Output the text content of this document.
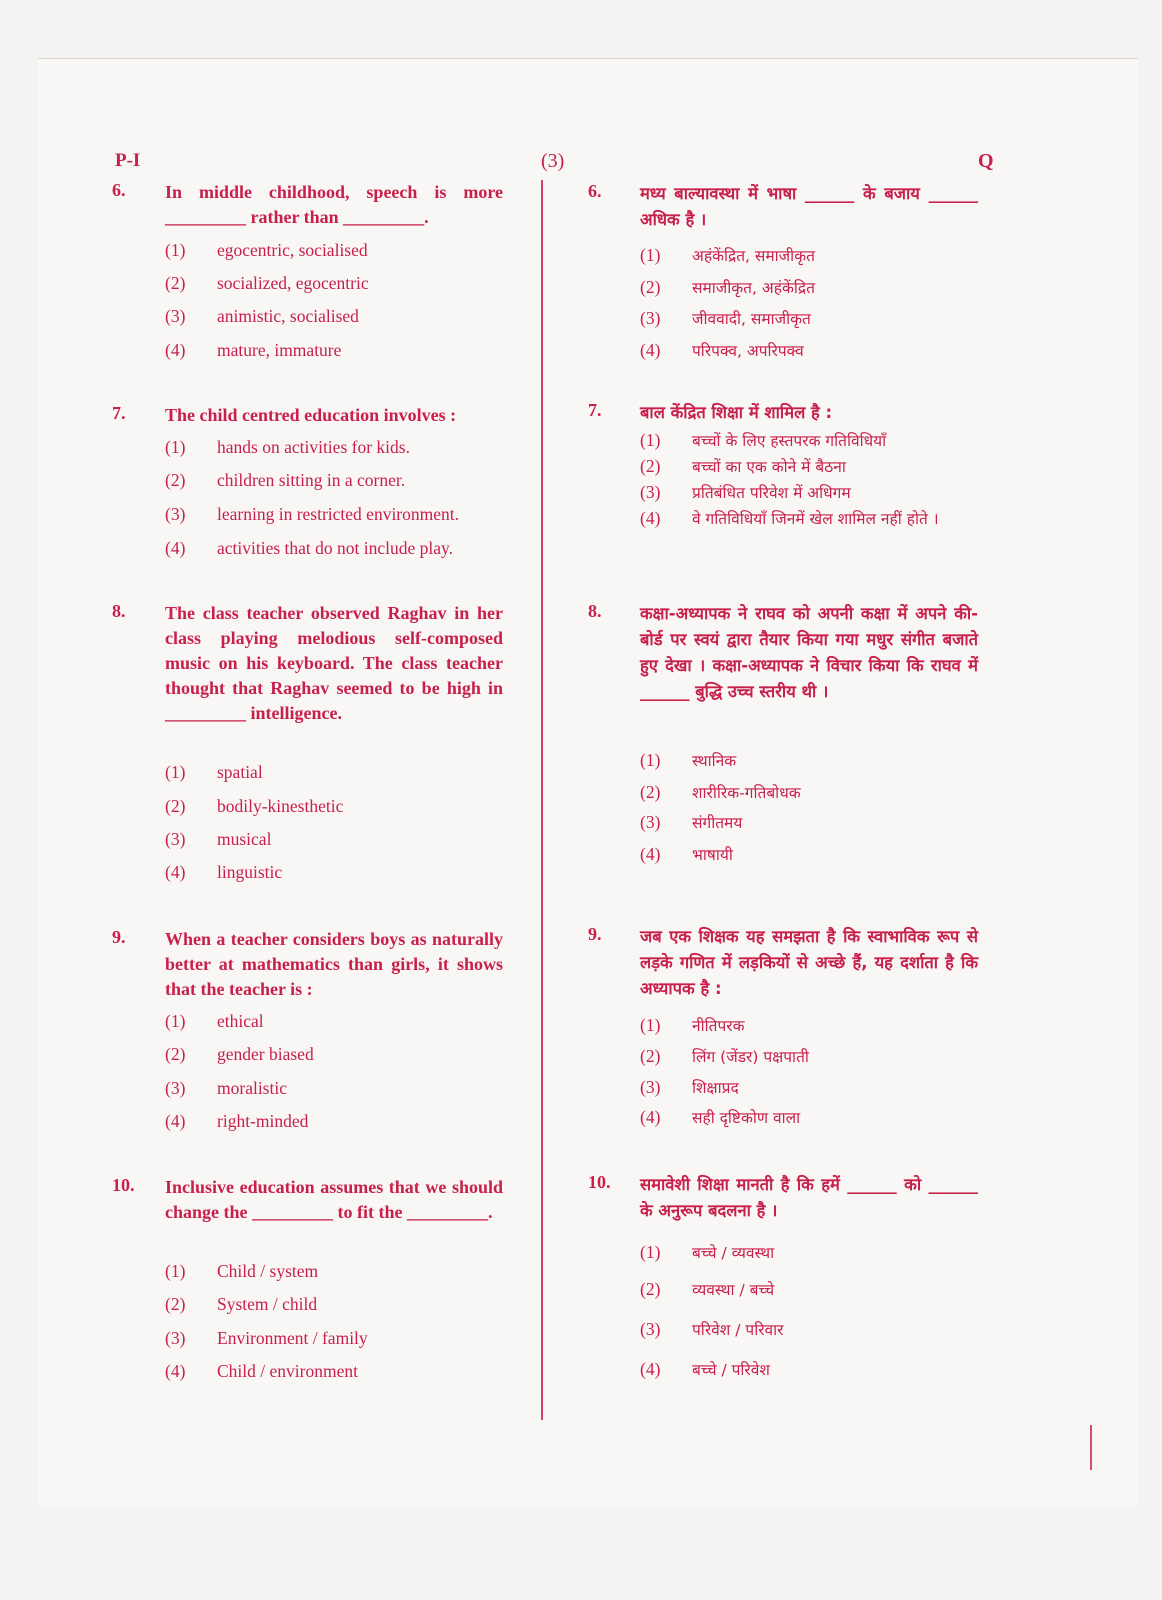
P-I	(3)	Q
6. In middle childhood, speech is more _________ rather than _________.
(1) egocentric, socialised
(2) socialized, egocentric
(3) animistic, socialised
(4) mature, immature
7. The child centred education involves :
(1) hands on activities for kids.
(2) children sitting in a corner.
(3) learning in restricted environment.
(4) activities that do not include play.
8. The class teacher observed Raghav in her class playing melodious self-composed music on his keyboard. The class teacher thought that Raghav seemed to be high in _________ intelligence.
(1) spatial
(2) bodily-kinesthetic
(3) musical
(4) linguistic
9. When a teacher considers boys as naturally better at mathematics than girls, it shows that the teacher is :
(1) ethical
(2) gender biased
(3) moralistic
(4) right-minded
10. Inclusive education assumes that we should change the _________ to fit the _________.
(1) Child / system
(2) System / child
(3) Environment / family
(4) Child / environment
6. मध्य बाल्यावस्था में भाषा ______ के बजाय ______ अधिक है ।
(1) अहंकेंद्रित, समाजीकृत
(2) समाजीकृत, अहंकेंद्रित
(3) जीववादी, समाजीकृत
(4) परिपक्व, अपरिपक्व
7. बाल केंद्रित शिक्षा में शामिल है :
(1) बच्चों के लिए हस्तपरक गतिविधियाँ
(2) बच्चों का एक कोने में बैठना
(3) प्रतिबंधित परिवेश में अधिगम
(4) वे गतिविधियाँ जिनमें खेल शामिल नहीं होते ।
8. कक्षा-अध्यापक ने राघव को अपनी कक्षा में अपने की-बोर्ड पर स्वयं द्वारा तैयार किया गया मधुर संगीत बजाते हुए देखा । कक्षा-अध्यापक ने विचार किया कि राघव में ______ बुद्धि उच्च स्तरीय थी ।
(1) स्थानिक
(2) शारीरिक-गतिबोधक
(3) संगीतमय
(4) भाषायी
9. जब एक शिक्षक यह समझता है कि स्वाभाविक रूप से लड़के गणित में लड़कियों से अच्छे हैं, यह दर्शाता है कि अध्यापक है :
(1) नीतिपरक
(2) लिंग (जेंडर) पक्षपाती
(3) शिक्षाप्रद
(4) सही दृष्टिकोण वाला
10. समावेशी शिक्षा मानती है कि हमें ______ को ______ के अनुरूप बदलना है ।
(1) बच्चे / व्यवस्था
(2) व्यवस्था / बच्चे
(3) परिवेश / परिवार
(4) बच्चे / परिवेश
